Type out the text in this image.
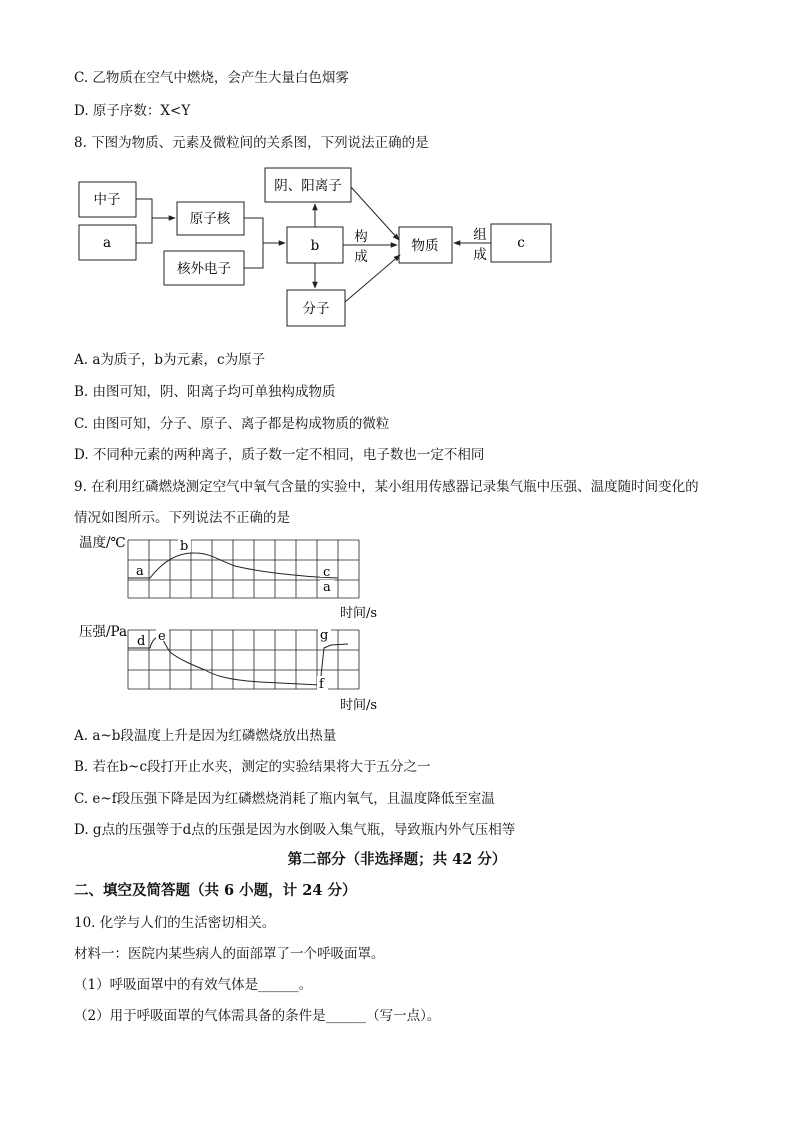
C. 乙物质在空气中燃烧，会产生大量白色烟雾
D. 原子序数：X<Y
8. 下图为物质、元素及微粒间的关系图，下列说法正确的是
中子
a
原子核
核外电子
b
阴、阳离子
分子
物质	c
构
成
组
成
A. a为质子，b为元素，c为原子
B. 由图可知，阴、阳离子均可单独构成物质
C. 由图可知，分子、原子、离子都是构成物质的微粒
D. 不同种元素的两种离子，质子数一定不相同，电子数也一定不相同
9. 在利用红磷燃烧测定空气中氧气含量的实验中，某小组用传感器记录集气瓶中压强、温度随时间变化的
情况如图所示。下列说法不正确的是
温度/℃
a
b
c
a
时间/s
压强/Pa
d e	g
f
时间/s
A. a~b段温度上升是因为红磷燃烧放出热量
B. 若在b~c段打开止水夹，测定的实验结果将大于五分之一
C. e~f段压强下降是因为红磷燃烧消耗了瓶内氧气，且温度降低至室温
D. g点的压强等于d点的压强是因为水倒吸入集气瓶，导致瓶内外气压相等
第二部分（非选择题；共 42 分）
二、填空及简答题（共 6 小题，计 24 分）
10. 化学与人们的生活密切相关。
材料一：医院内某些病人的面部罩了一个呼吸面罩。
（1）呼吸面罩中的有效气体是______。
（2）用于呼吸面罩的气体需具备的条件是______（写一点）。
